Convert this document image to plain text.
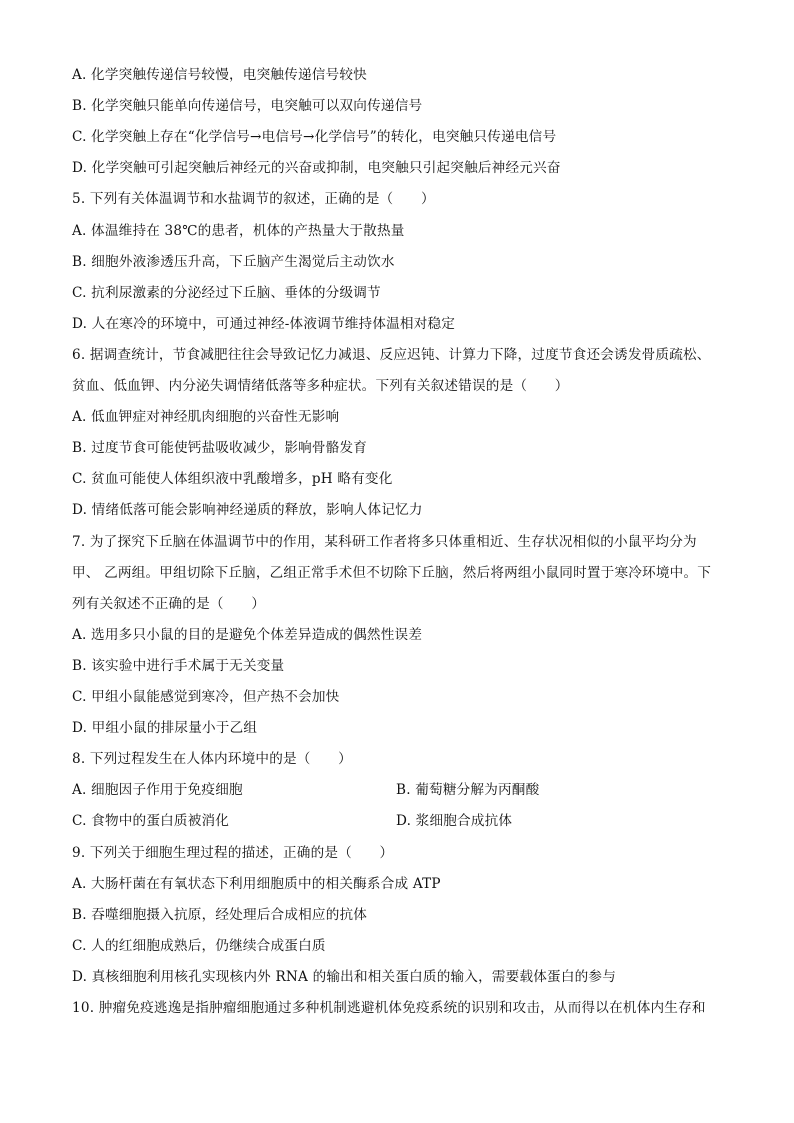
A. 化学突触传递信号较慢，电突触传递信号较快
B. 化学突触只能单向传递信号，电突触可以双向传递信号
C. 化学突触上存在“化学信号→电信号→化学信号”的转化，电突触只传递电信号
D. 化学突触可引起突触后神经元的兴奋或抑制，电突触只引起突触后神经元兴奋
5. 下列有关体温调节和水盐调节的叙述，正确的是（　　）
A. 体温维持在 38℃的患者，机体的产热量大于散热量
B. 细胞外液渗透压升高，下丘脑产生渴觉后主动饮水
C. 抗利尿激素的分泌经过下丘脑、垂体的分级调节
D. 人在寒冷的环境中，可通过神经-体液调节维持体温相对稳定
6. 据调查统计，节食减肥往往会导致记忆力减退、反应迟钝、计算力下降，过度节食还会诱发骨质疏松、
贫血、低血钾、内分泌失调情绪低落等多种症状。下列有关叙述错误的是（　　）
A. 低血钾症对神经肌肉细胞的兴奋性无影响
B. 过度节食可能使钙盐吸收减少，影响骨骼发育
C. 贫血可能使人体组织液中乳酸增多，pH 略有变化
D. 情绪低落可能会影响神经递质的释放，影响人体记忆力
7. 为了探究下丘脑在体温调节中的作用，某科研工作者将多只体重相近、生存状况相似的小鼠平均分为
甲、 乙两组。甲组切除下丘脑，乙组正常手术但不切除下丘脑，然后将两组小鼠同时置于寒冷环境中。下
列有关叙述不正确的是（　　）
A. 选用多只小鼠的目的是避免个体差异造成的偶然性误差
B. 该实验中进行手术属于无关变量
C. 甲组小鼠能感觉到寒冷，但产热不会加快
D. 甲组小鼠的排尿量小于乙组
8. 下列过程发生在人体内环境中的是（　　）
A. 细胞因子作用于免疫细胞	B. 葡萄糖分解为丙酮酸
C. 食物中的蛋白质被消化	D. 浆细胞合成抗体
9. 下列关于细胞生理过程的描述，正确的是（　　）
A. 大肠杆菌在有氧状态下利用细胞质中的相关酶系合成 ATP
B. 吞噬细胞摄入抗原，经处理后合成相应的抗体
C. 人的红细胞成熟后，仍继续合成蛋白质
D. 真核细胞利用核孔实现核内外 RNA 的输出和相关蛋白质的输入，需要载体蛋白的参与
10. 肿瘤免疫逃逸是指肿瘤细胞通过多种机制逃避机体免疫系统的识别和攻击，从而得以在机体内生存和
